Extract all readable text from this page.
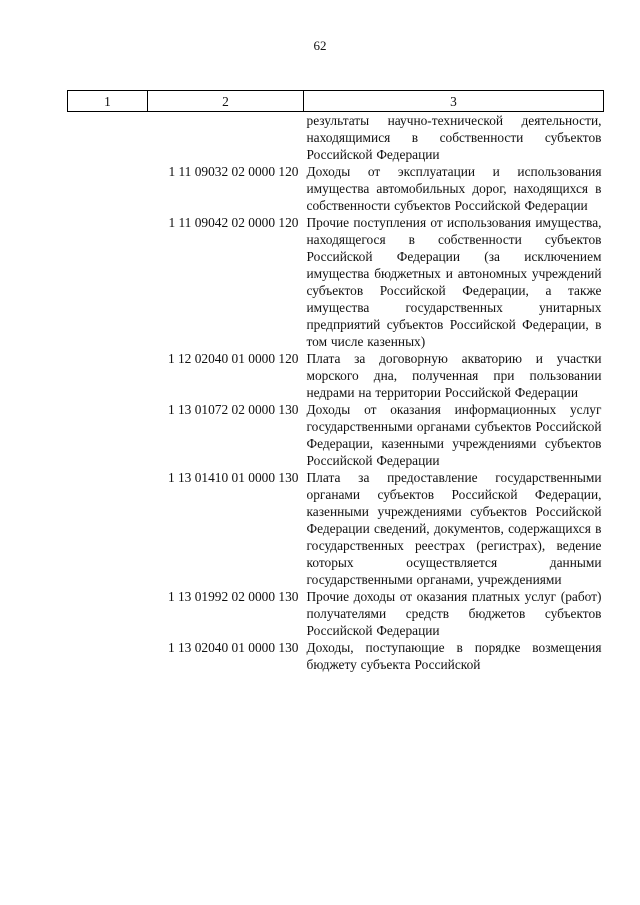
62
1	2	3
		результаты научно-технической деятельности, находящимися в собственности субъектов Российской Федерации
	1 11 09032 02 0000 120	Доходы от эксплуатации и использования имущества автомобильных дорог, находящихся в собственности субъектов Российской Федерации
	1 11 09042 02 0000 120	Прочие поступления от использования имущества, находящегося в собственности субъектов Российской Федерации (за исключением имущества бюджетных и автономных учреждений субъектов Российской Федерации, а также имущества государственных унитарных предприятий субъектов Российской Федерации, в том числе казенных)
	1 12 02040 01 0000 120	Плата за договорную акваторию и участки морского дна, полученная при пользовании недрами на территории Российской Федерации
	1 13 01072 02 0000 130	Доходы от оказания информационных услуг государственными органами субъектов Российской Федерации, казенными учреждениями субъектов Российской Федерации
	1 13 01410 01 0000 130	Плата за предоставление государственными органами субъектов Российской Федерации, казенными учреждениями субъектов Российской Федерации сведений, документов, содержащихся в государственных реестрах (регистрах), ведение которых осуществляется данными государственными органами, учреждениями
	1 13 01992 02 0000 130	Прочие доходы от оказания платных услуг (работ) получателями средств бюджетов субъектов Российской Федерации
	1 13 02040 01 0000 130	Доходы, поступающие в порядке возмещения бюджету субъекта Российской
